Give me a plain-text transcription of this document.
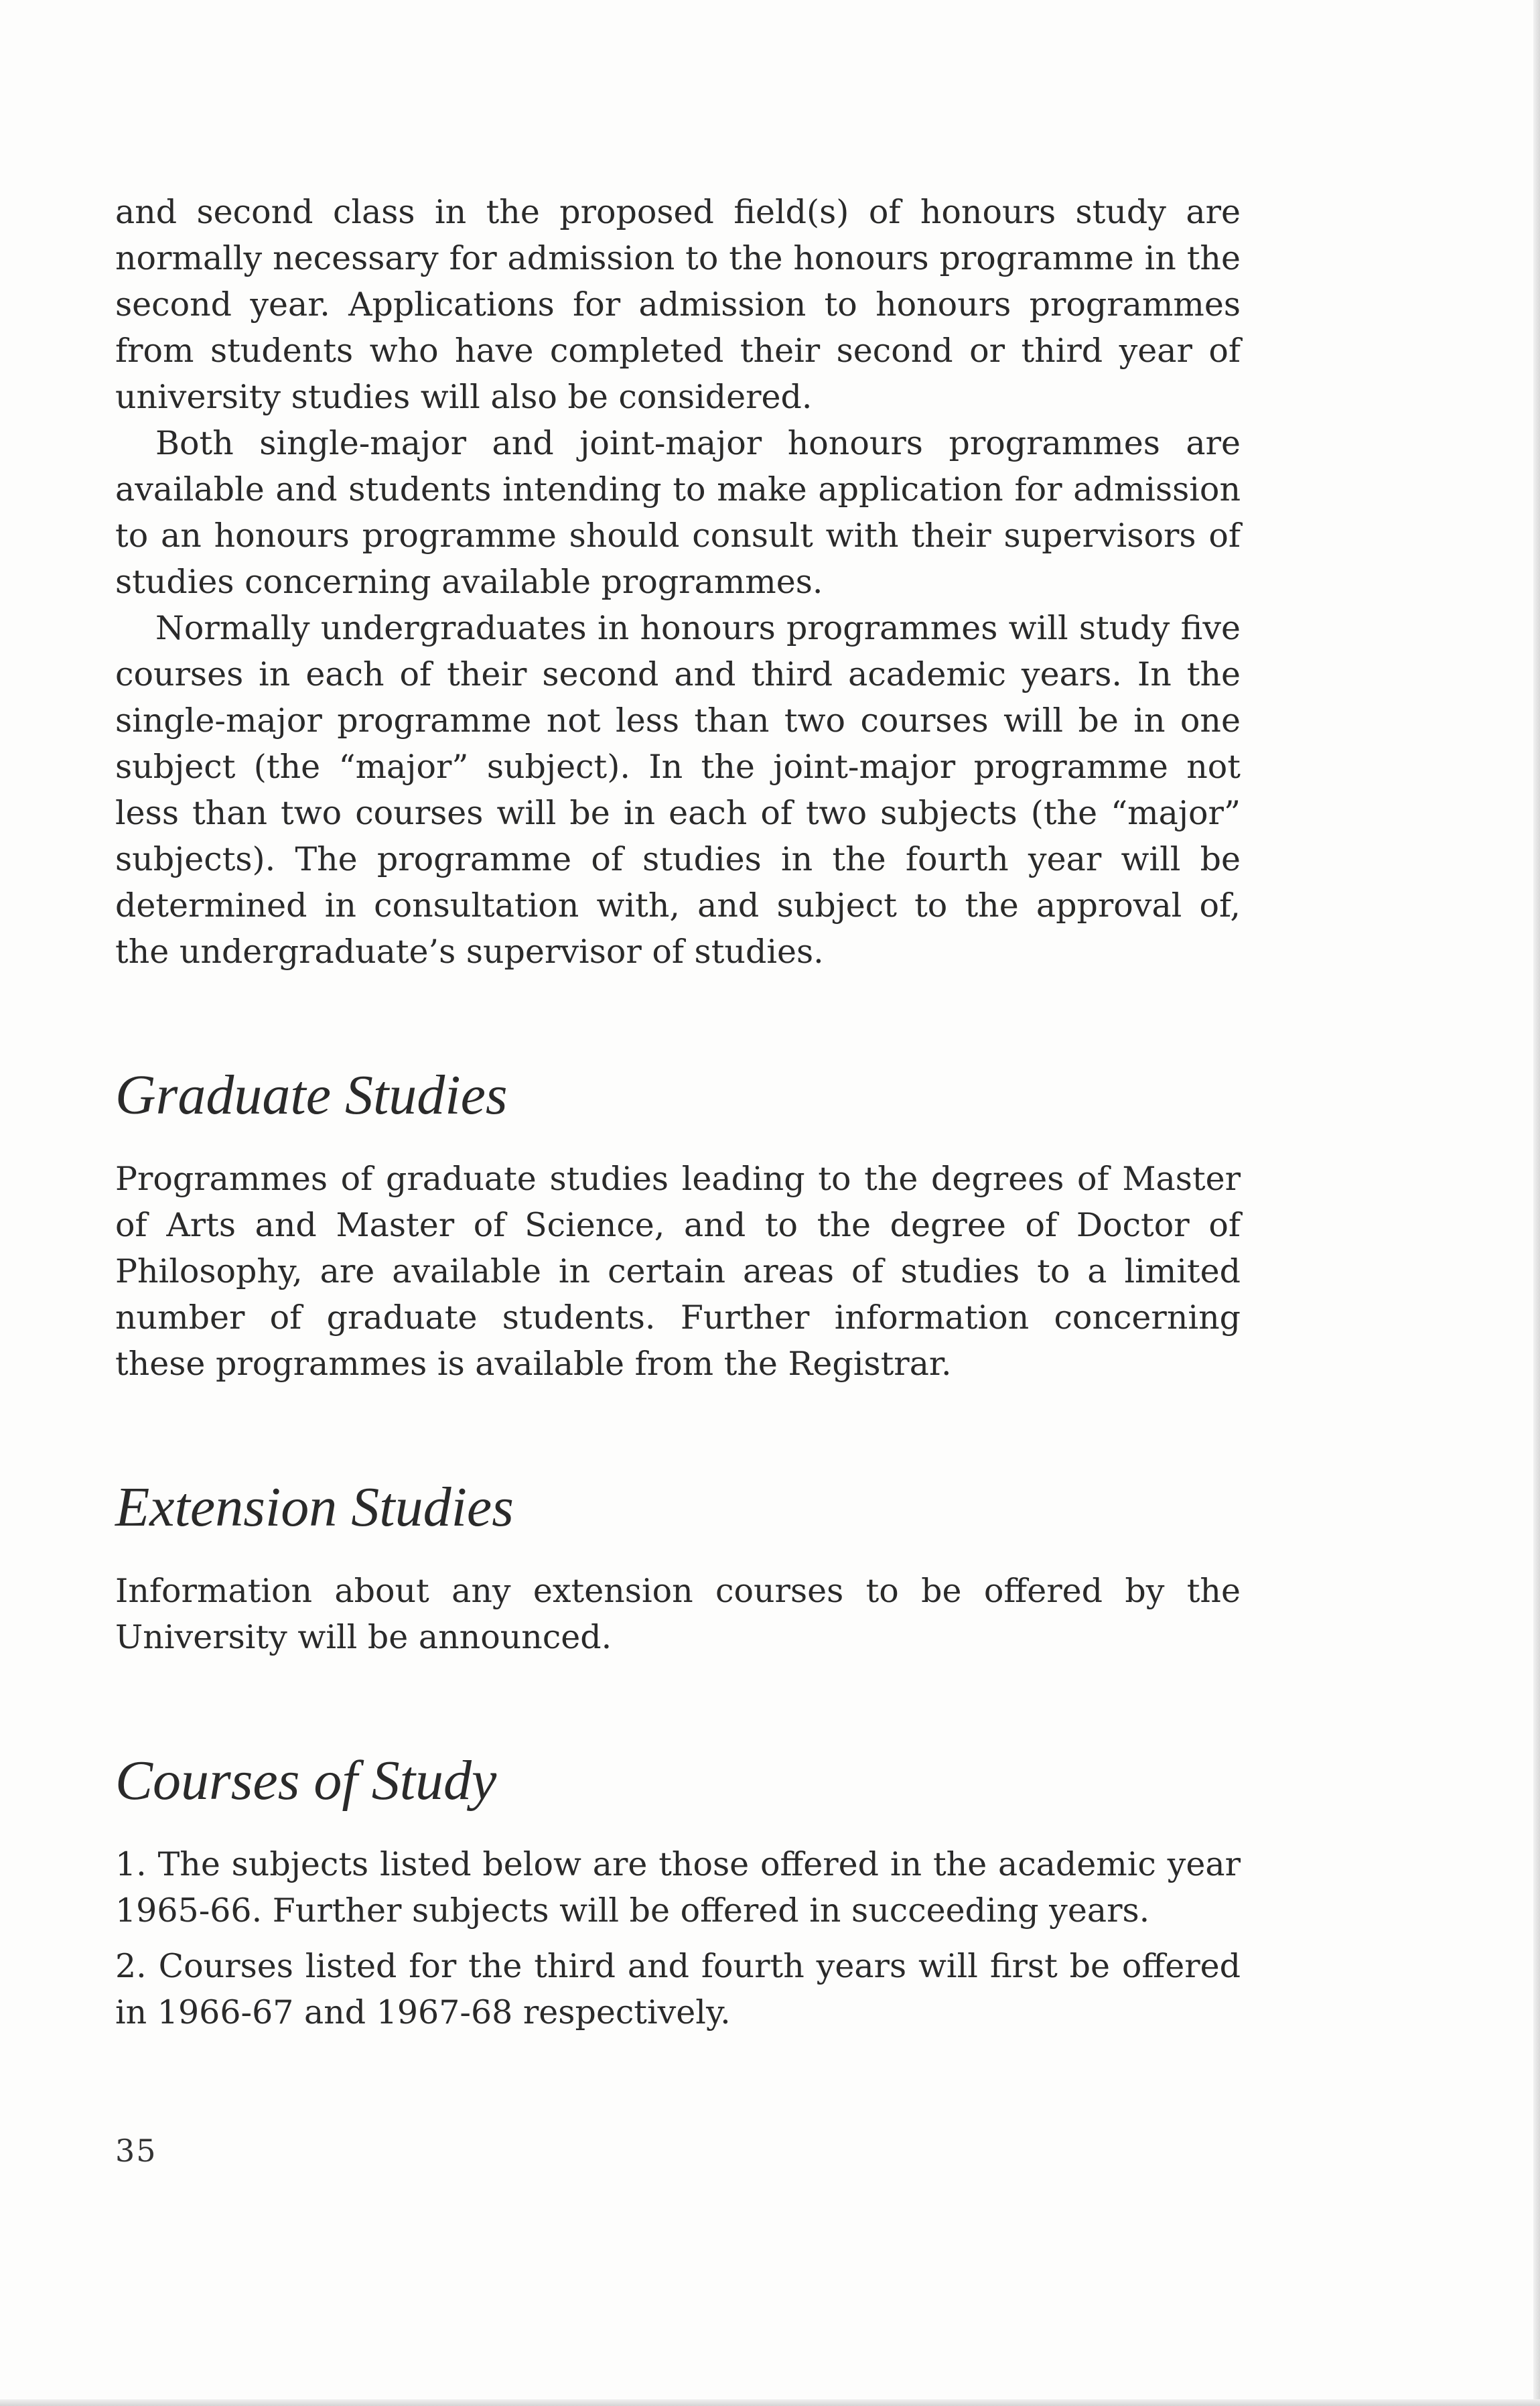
and second class in the proposed field(s) of honours study are normally necessary for admission to the honours programme in the second year. Applications for admission to honours programmes from students who have completed their second or third year of university studies will also be considered.

Both single-major and joint-major honours programmes are available and students intending to make application for admission to an honours programme should consult with their supervisors of studies concerning available programmes.

Normally undergraduates in honours programmes will study five courses in each of their second and third academic years. In the single-major programme not less than two courses will be in one subject (the “major” subject). In the joint-major programme not less than two courses will be in each of two subjects (the “major” subjects). The programme of studies in the fourth year will be determined in consultation with, and subject to the approval of, the undergraduate’s supervisor of studies.

Graduate Studies

Programmes of graduate studies leading to the degrees of Master of Arts and Master of Science, and to the degree of Doctor of Philosophy, are available in certain areas of studies to a limited number of graduate students. Further information concerning these programmes is available from the Registrar.

Extension Studies

Information about any extension courses to be offered by the University will be announced.

Courses of Study

1. The subjects listed below are those offered in the academic year 1965-66. Further subjects will be offered in succeeding years.

2. Courses listed for the third and fourth years will first be offered in 1966-67 and 1967-68 respectively.

35
